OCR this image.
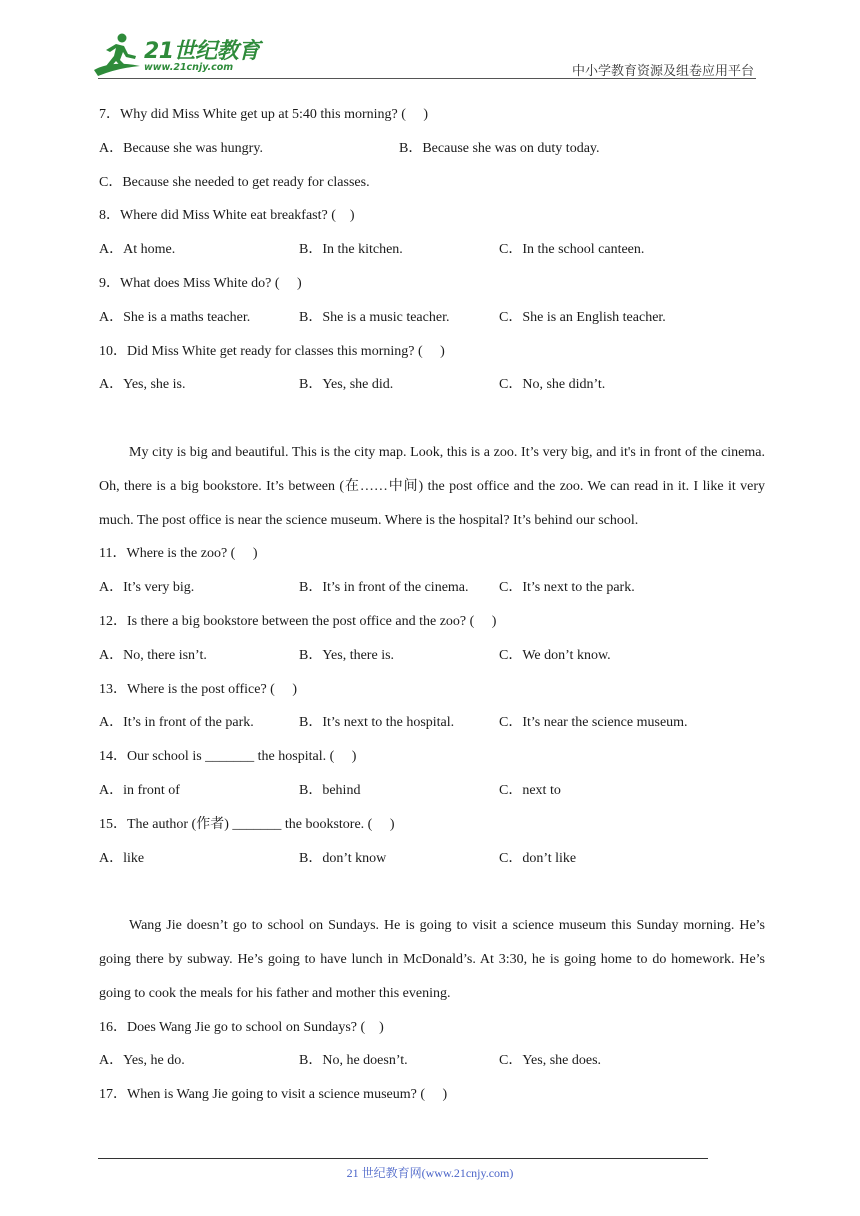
21世纪教育
www.21cnjy.com	中小学教育资源及组卷应用平台
7．Why did Miss White get up at 5:40 this morning? (　 )
A．Because she was hungry.	B．Because she was on duty today.
C．Because she needed to get ready for classes.
8．Where did Miss White eat breakfast? (　)
A．At home.	B．In the kitchen.	C．In the school canteen.
9．What does Miss White do? (　 )
A．She is a maths teacher.	B．She is a music teacher.	C．She is an English teacher.
10．Did Miss White get ready for classes this morning? (　 )
A．Yes, she is.	B．Yes, she did.	C．No, she didn’t.

My city is big and beautiful. This is the city map. Look, this is a zoo. It’s very big, and it's in front of the cinema. Oh, there is a big bookstore. It’s between (在……中间) the post office and the zoo. We can read in it. I like it very much. The post office is near the science museum. Where is the hospital? It’s behind our school.

11．Where is the zoo? (　 )
A．It’s very big.	B．It’s in front of the cinema. C．It’s next to the park.
12．Is there a big bookstore between the post office and the zoo? (　 )
A．No, there isn’t.	B．Yes, there is.	C．We don’t know.
13．Where is the post office? (　 )
A．It’s in front of the park.	B．It’s next to the hospital.	C．It’s near the science museum.
14．Our school is _______ the hospital. (　 )
A．in front of	B．behind	C．next to
15．The author (作者) _______ the bookstore. (　 )
A．like	B．don’t know	C．don’t like

Wang Jie doesn’t go to school on Sundays. He is going to visit a science museum this Sunday morning. He’s going there by subway. He’s going to have lunch in McDonald’s. At 3:30, he is going home to do homework. He’s going to cook the meals for his father and mother this evening.

16．Does Wang Jie go to school on Sundays? (　)
A．Yes, he do.	B．No, he doesn’t.	C．Yes, she does.
17．When is Wang Jie going to visit a science museum? (　 )
21 世纪教育网(www.21cnjy.com)
